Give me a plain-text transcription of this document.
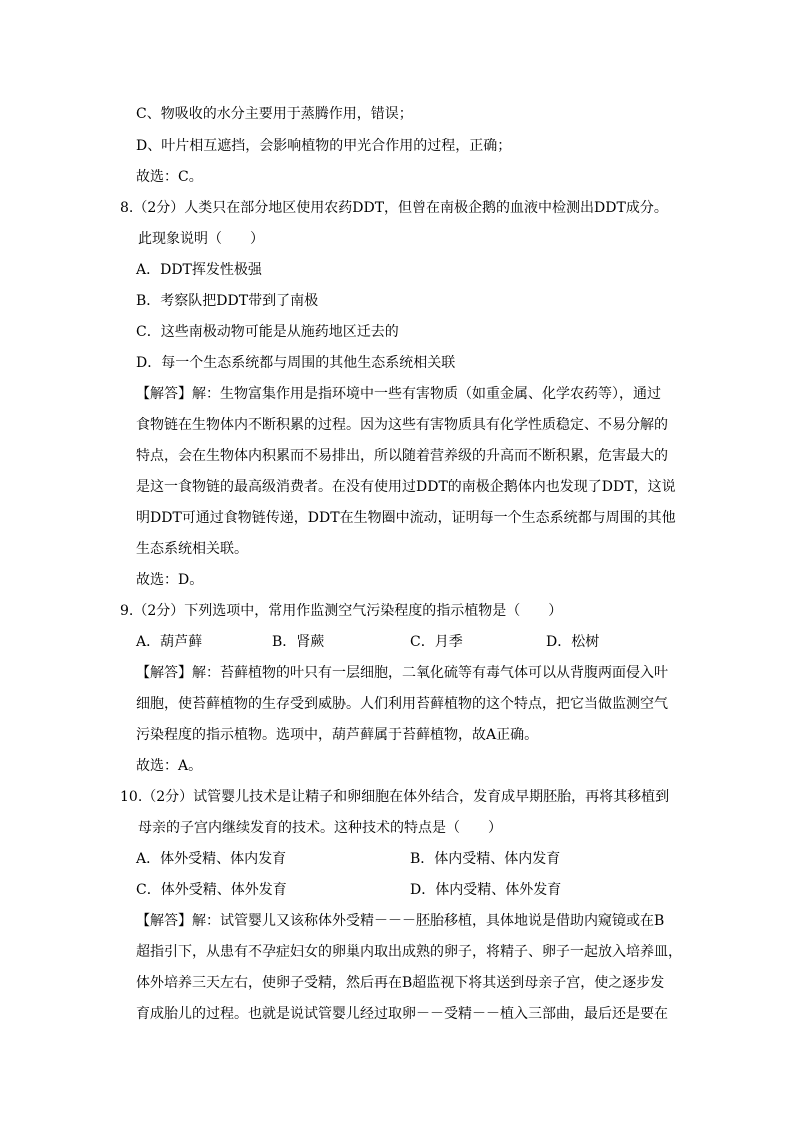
C、物吸收的水分主要用于蒸腾作用，错误；
D、叶片相互遮挡，会影响植物的甲光合作用的过程，正确；
故选：C。
8.（2分）人类只在部分地区使用农药DDT，但曾在南极企鹅的血液中检测出DDT成分。
此现象说明（　　）
A．DDT挥发性极强
B．考察队把DDT带到了南极
C．这些南极动物可能是从施药地区迁去的
D．每一个生态系统都与周围的其他生态系统相关联
【解答】解：生物富集作用是指环境中一些有害物质（如重金属、化学农药等），通过
食物链在生物体内不断积累的过程。因为这些有害物质具有化学性质稳定、不易分解的
特点，会在生物体内积累而不易排出，所以随着营养级的升高而不断积累，危害最大的
是这一食物链的最高级消费者。在没有使用过DDT的南极企鹅体内也发现了DDT，这说
明DDT可通过食物链传递，DDT在生物圈中流动，证明每一个生态系统都与周围的其他
生态系统相关联。
故选：D。
9.（2分）下列选项中，常用作监测空气污染程度的指示植物是（　　）
A．葫芦藓	B．肾蕨	C．月季	D．松树
【解答】解：苔藓植物的叶只有一层细胞，二氧化硫等有毒气体可以从背腹两面侵入叶
细胞，使苔藓植物的生存受到威胁。人们利用苔藓植物的这个特点，把它当做监测空气
污染程度的指示植物。选项中，葫芦藓属于苔藓植物，故A正确。
故选：A。
10.（2分）试管婴儿技术是让精子和卵细胞在体外结合，发育成早期胚胎，再将其移植到
母亲的子宫内继续发育的技术。这种技术的特点是（　　）
A．体外受精、体内发育	B．体内受精、体内发育
C．体外受精、体外发育	D．体内受精、体外发育
【解答】解：试管婴儿又该称体外受精－－－胚胎移植，具体地说是借助内窥镜或在B
超指引下，从患有不孕症妇女的卵巢内取出成熟的卵子，将精子、卵子一起放入培养皿，
体外培养三天左右，使卵子受精，然后再在B超监视下将其送到母亲子宫，使之逐步发
育成胎儿的过程。也就是说试管婴儿经过取卵－－受精－－植入三部曲，最后还是要在
